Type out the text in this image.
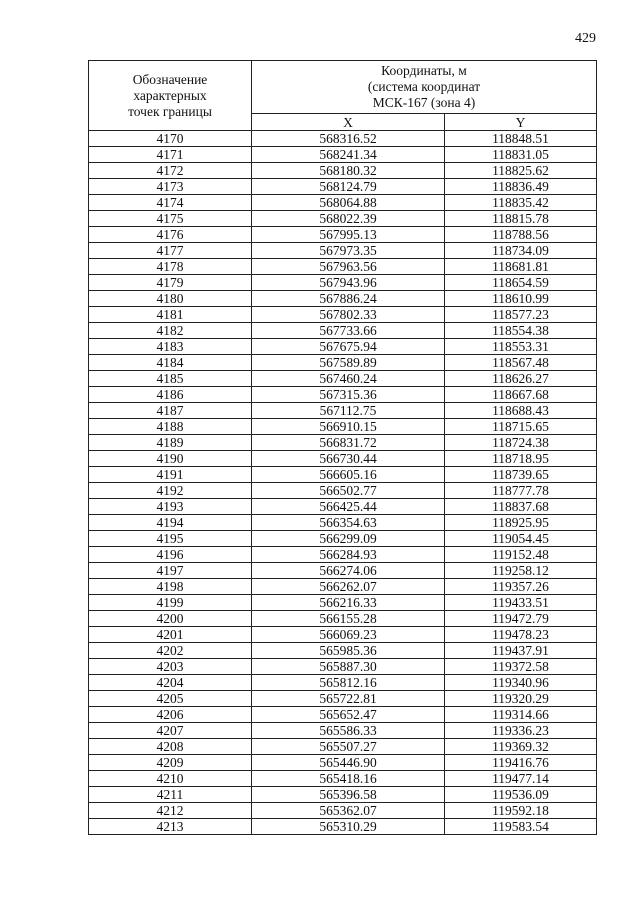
429
Обозначение
характерных
точек границы	Координаты, м
(система координат
МСК-167 (зона 4)	

	X	Y
4170	568316.52	118848.51
4171	568241.34	118831.05
4172	568180.32	118825.62
4173	568124.79	118836.49
4174	568064.88	118835.42
4175	568022.39	118815.78
4176	567995.13	118788.56
4177	567973.35	118734.09
4178	567963.56	118681.81
4179	567943.96	118654.59
4180	567886.24	118610.99
4181	567802.33	118577.23
4182	567733.66	118554.38
4183	567675.94	118553.31
4184	567589.89	118567.48
4185	567460.24	118626.27
4186	567315.36	118667.68
4187	567112.75	118688.43
4188	566910.15	118715.65
4189	566831.72	118724.38
4190	566730.44	118718.95
4191	566605.16	118739.65
4192	566502.77	118777.78
4193	566425.44	118837.68
4194	566354.63	118925.95
4195	566299.09	119054.45
4196	566284.93	119152.48
4197	566274.06	119258.12
4198	566262.07	119357.26
4199	566216.33	119433.51
4200	566155.28	119472.79
4201	566069.23	119478.23
4202	565985.36	119437.91
4203	565887.30	119372.58
4204	565812.16	119340.96
4205	565722.81	119320.29
4206	565652.47	119314.66
4207	565586.33	119336.23
4208	565507.27	119369.32
4209	565446.90	119416.76
4210	565418.16	119477.14
4211	565396.58	119536.09
4212	565362.07	119592.18
4213	565310.29	119583.54
